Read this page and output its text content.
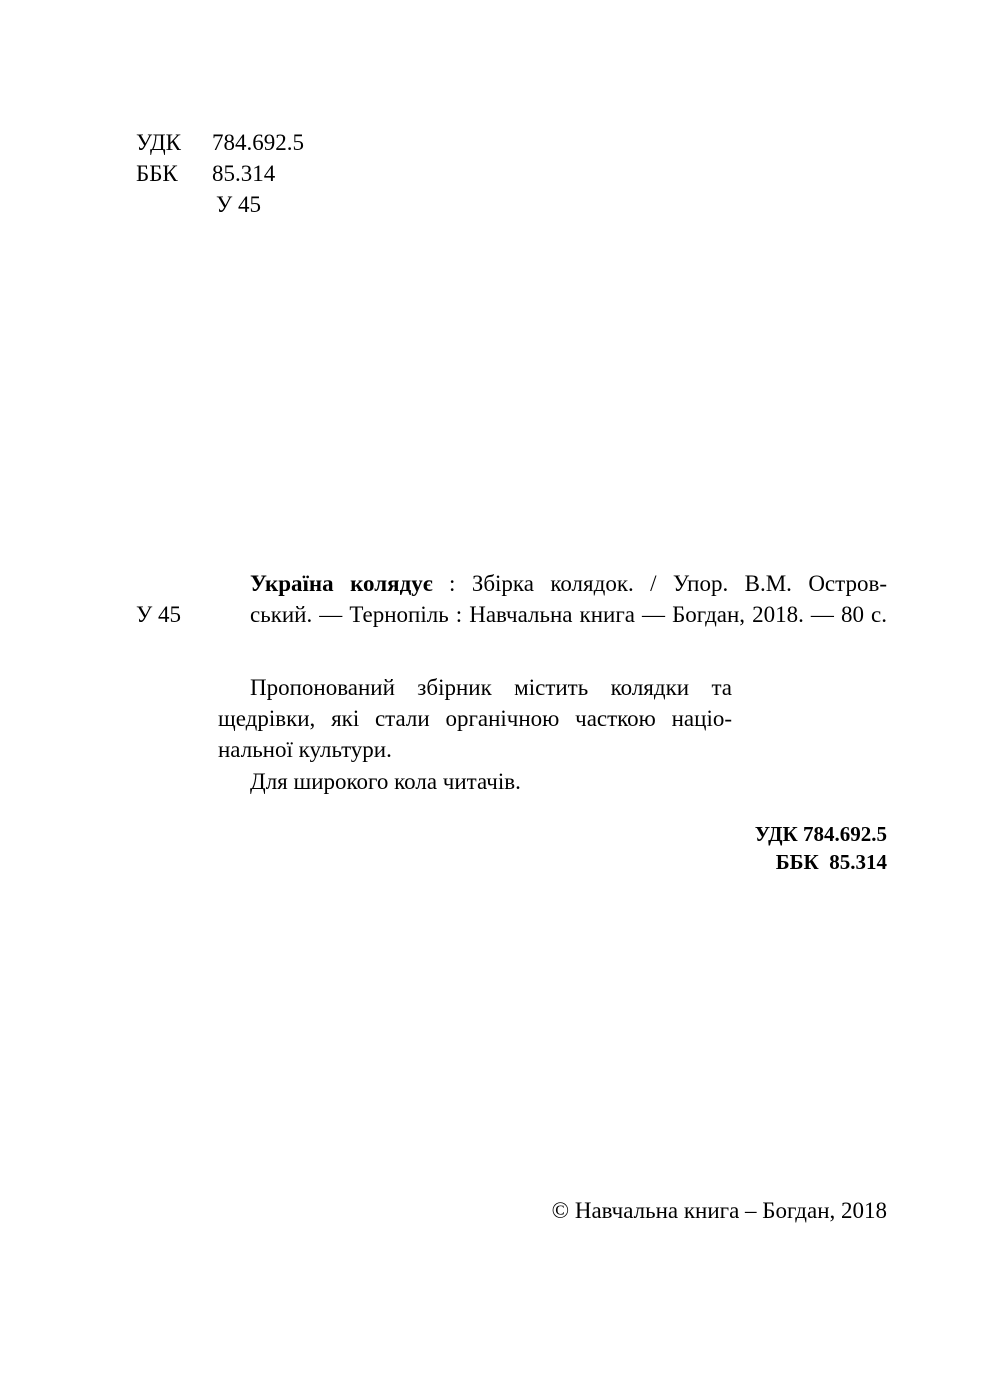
УДК 784.692.5
ББК 85.314
У 45
Україна колядує : Збірка колядок. / Упор. В.М. Остров-
У 45	ський. — Тернопіль : Навчальна книга — Богдан, 2018. — 80 с.
Пропонований збірник містить колядки та
щедрівки, які стали органічною часткою націо-
нальної культури.
Для широкого кола читачів.
УДК 784.692.5
ББК  85.314
© Навчальна книга – Богдан, 2018
